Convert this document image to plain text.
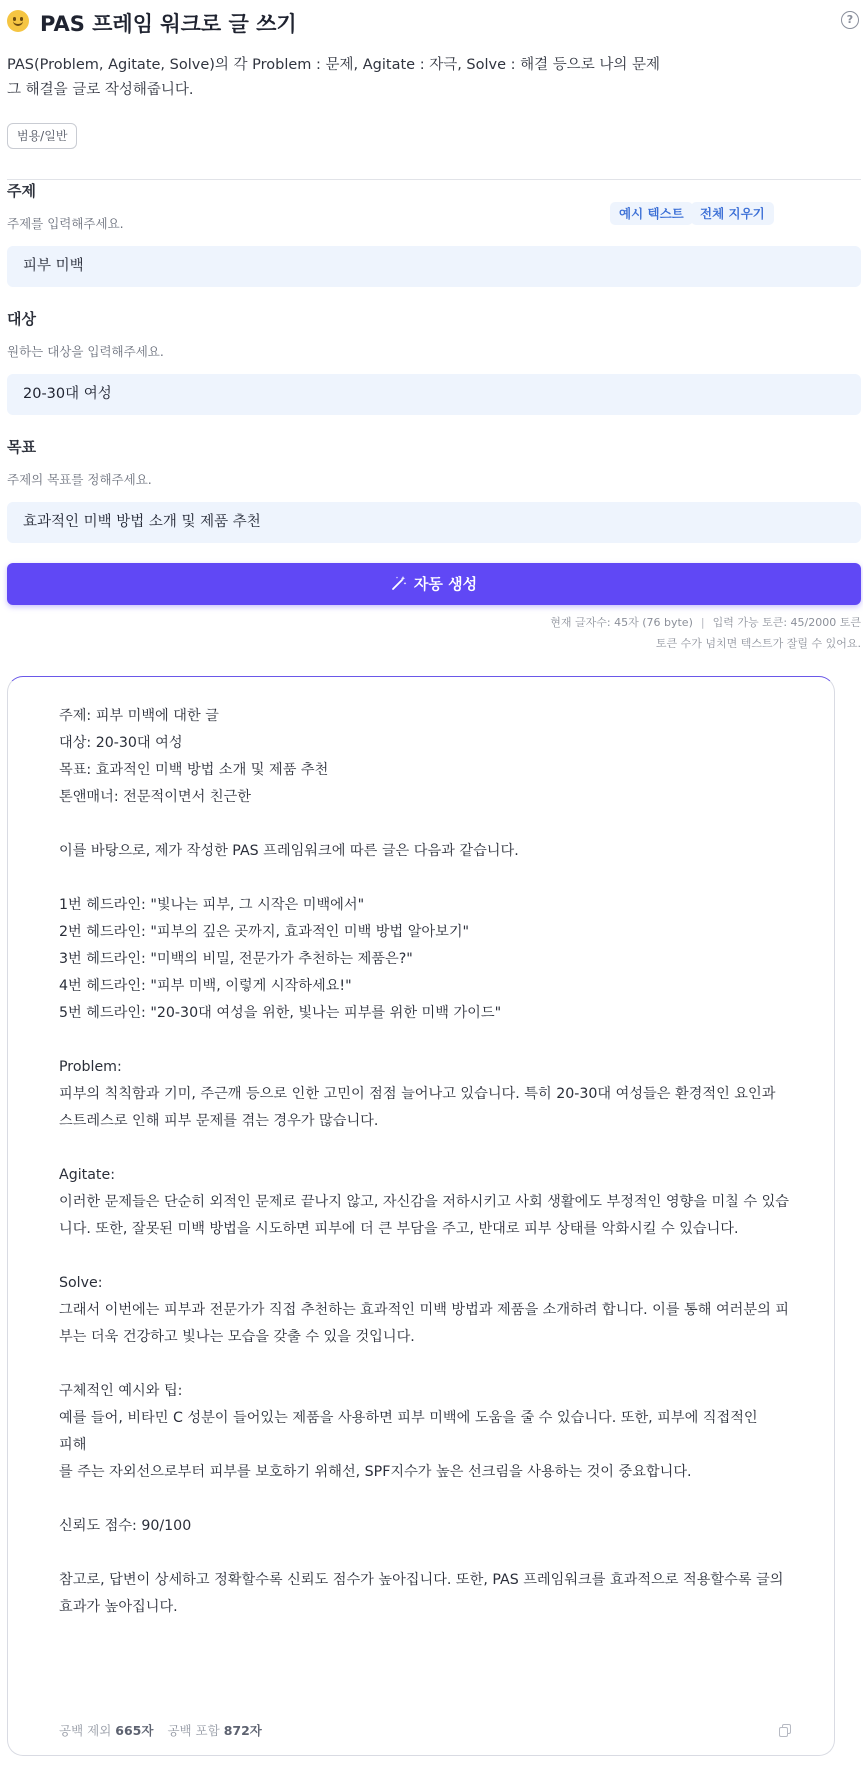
PAS 프레임 워크로 글 쓰기	?
PAS(Problem, Agitate, Solve)의 각 Problem : 문제, Agitate : 자극, Solve : 해결 등으로 나의 문제
그 해결을 글로 작성해줍니다.
범용/일반
주제
예시 텍스트	전체 지우기
주제를 입력해주세요.
피부 미백
대상
원하는 대상을 입력해주세요.
20-30대 여성
목표
주제의 목표를 정해주세요.
효과적인 미백 방법 소개 및 제품 추천
자동 생성
현재 글자수: 45자 (76 byte) | 입력 가능 토큰: 45/2000 토큰
토큰 수가 넘치면 텍스트가 잘릴 수 있어요.
주제: 피부 미백에 대한 글
대상: 20-30대 여성
목표: 효과적인 미백 방법 소개 및 제품 추천
톤앤매너: 전문적이면서 친근한

이를 바탕으로, 제가 작성한 PAS 프레임워크에 따른 글은 다음과 같습니다.

1번 헤드라인: "빛나는 피부, 그 시작은 미백에서"
2번 헤드라인: "피부의 깊은 곳까지, 효과적인 미백 방법 알아보기"
3번 헤드라인: "미백의 비밀, 전문가가 추천하는 제품은?"
4번 헤드라인: "피부 미백, 이렇게 시작하세요!"
5번 헤드라인: "20-30대 여성을 위한, 빛나는 피부를 위한 미백 가이드"

Problem:
피부의 칙칙함과 기미, 주근깨 등으로 인한 고민이 점점 늘어나고 있습니다. 특히 20-30대 여성들은 환경적인 요인과
스트레스로 인해 피부 문제를 겪는 경우가 많습니다.

Agitate:
이러한 문제들은 단순히 외적인 문제로 끝나지 않고, 자신감을 저하시키고 사회 생활에도 부정적인 영향을 미칠 수 있습
니다. 또한, 잘못된 미백 방법을 시도하면 피부에 더 큰 부담을 주고, 반대로 피부 상태를 악화시킬 수 있습니다.

Solve:
그래서 이번에는 피부과 전문가가 직접 추천하는 효과적인 미백 방법과 제품을 소개하려 합니다. 이를 통해 여러분의 피
부는 더욱 건강하고 빛나는 모습을 갖출 수 있을 것입니다.

구체적인 예시와 팁:
예를 들어, 비타민 C 성분이 들어있는 제품을 사용하면 피부 미백에 도움을 줄 수 있습니다. 또한, 피부에 직접적인 피해
를 주는 자외선으로부터 피부를 보호하기 위해선, SPF지수가 높은 선크림을 사용하는 것이 중요합니다.

신뢰도 점수: 90/100

참고로, 답변이 상세하고 정확할수록 신뢰도 점수가 높아집니다. 또한, PAS 프레임워크를 효과적으로 적용할수록 글의
효과가 높아집니다.
공백 제외 665자 공백 포함 872자
